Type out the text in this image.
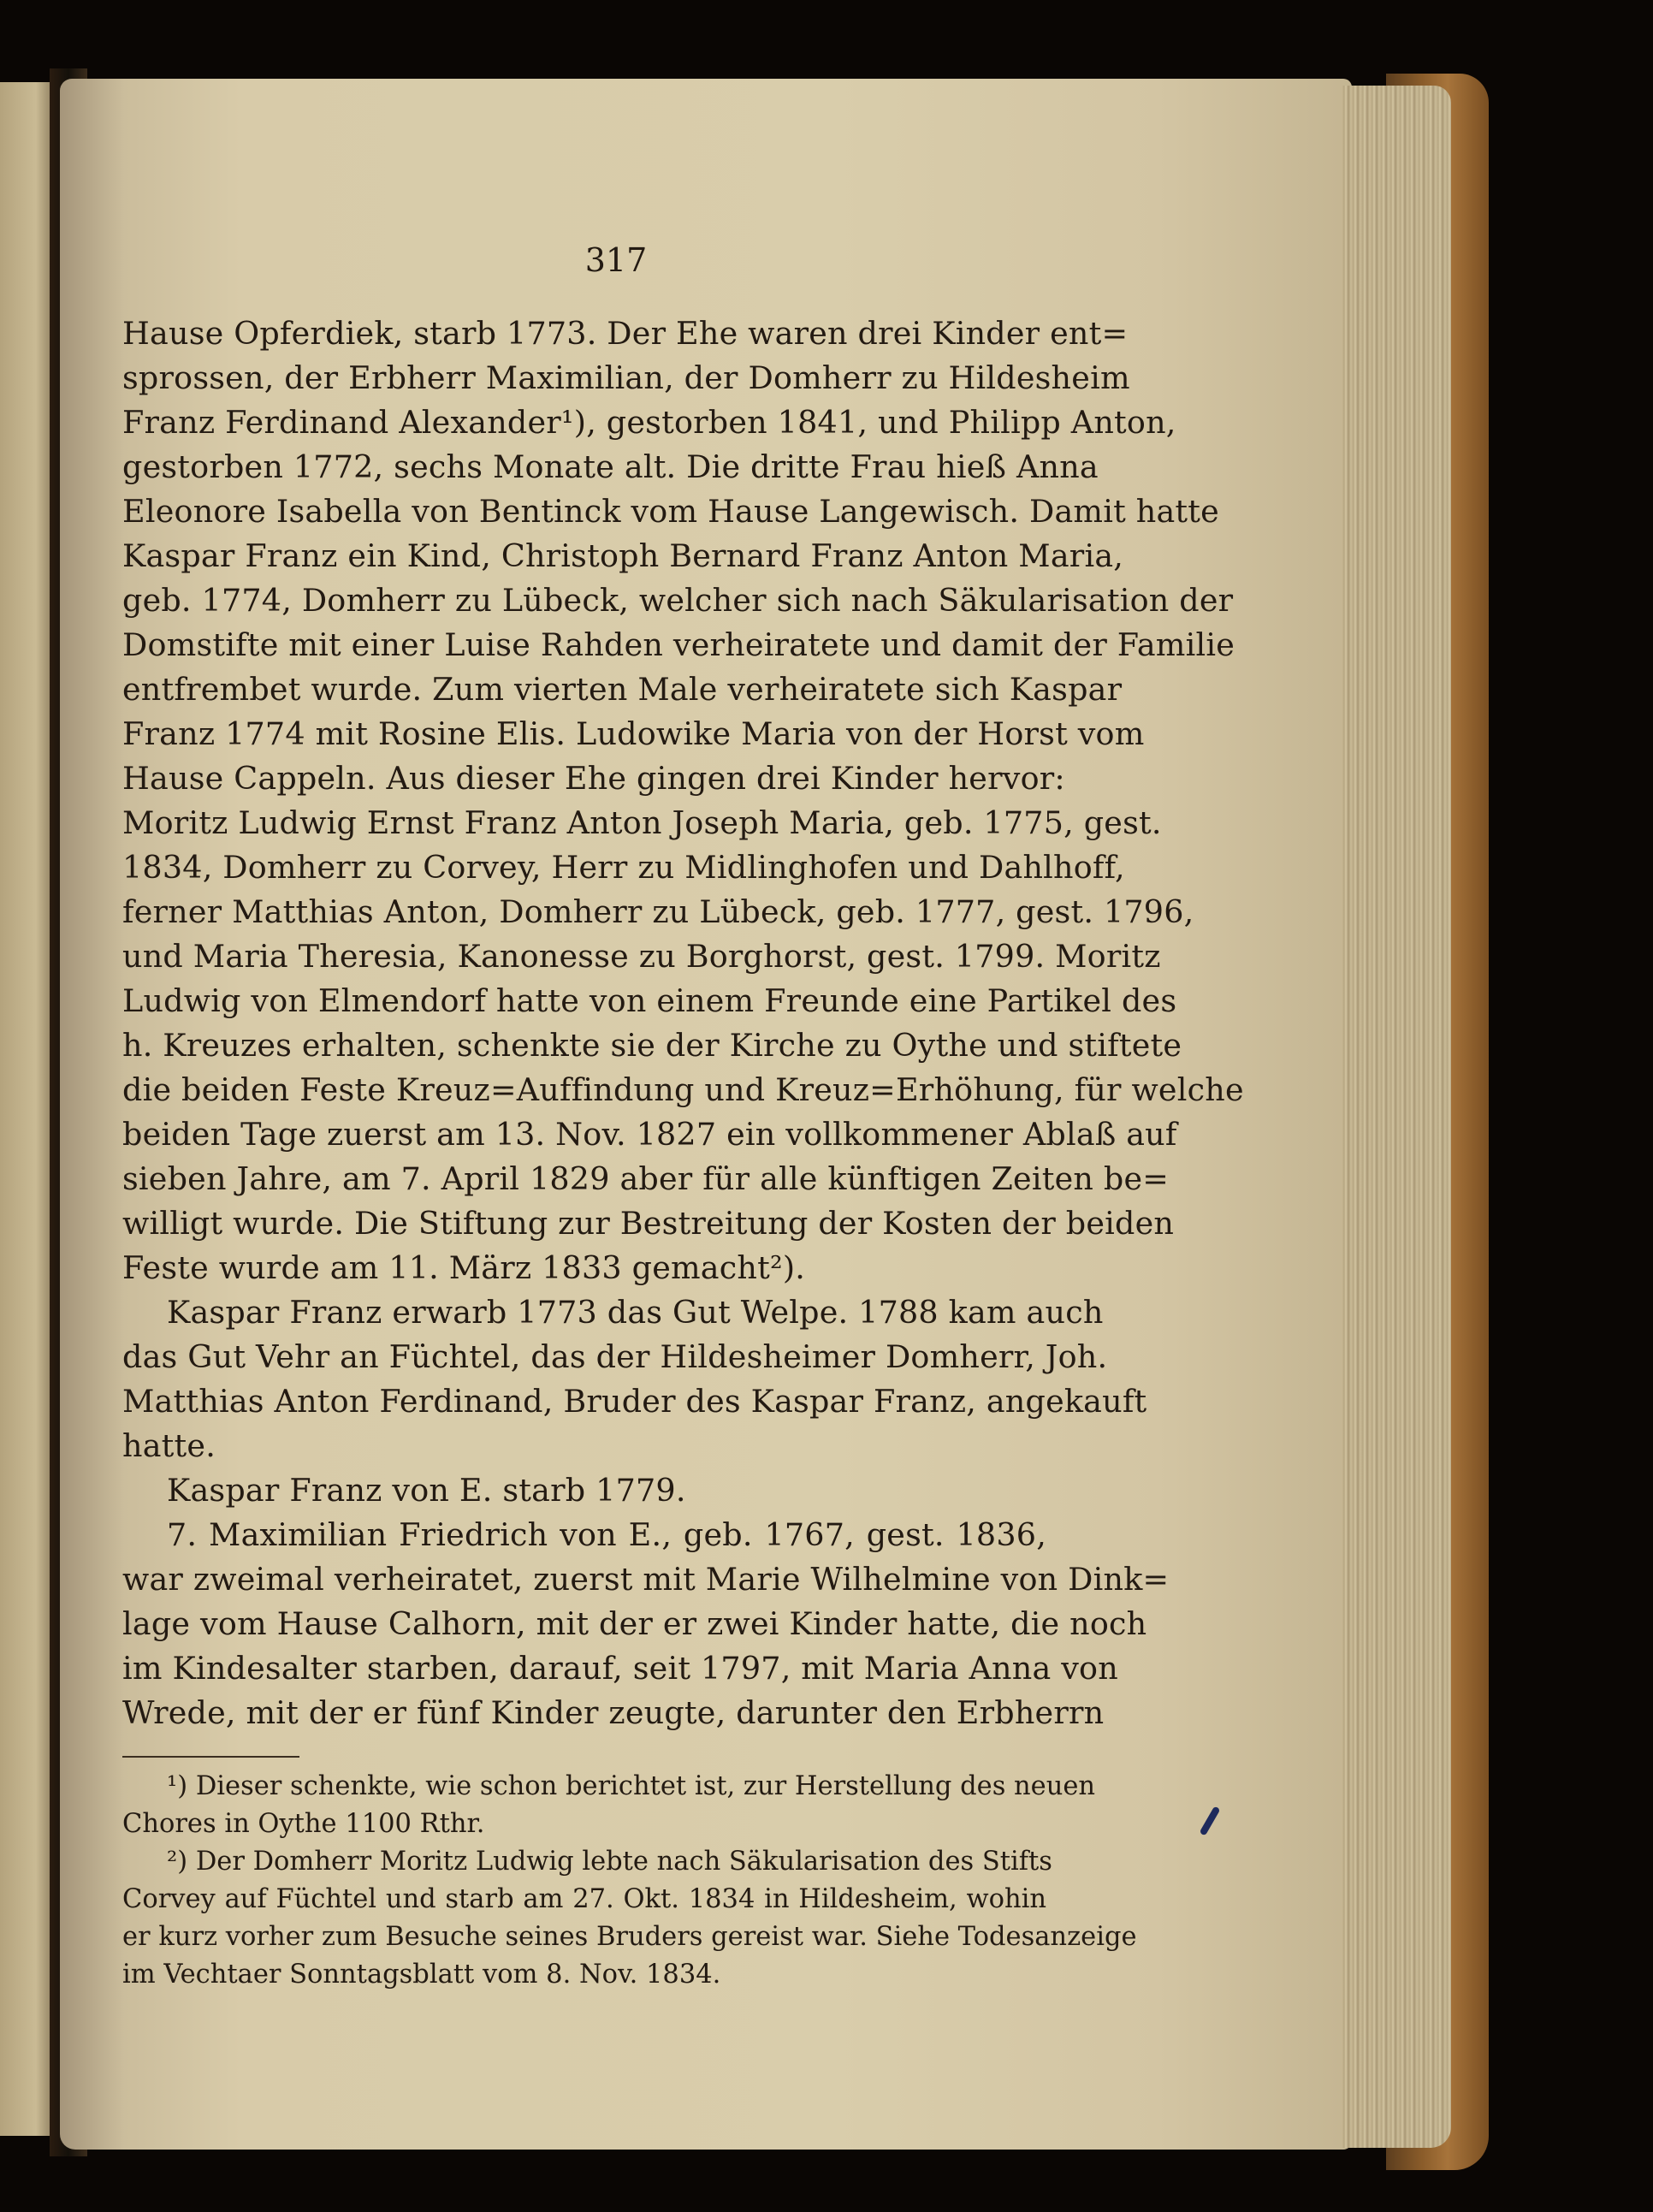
317
Hause Opferdiek, starb 1773. Der Ehe waren drei Kinder ent=
sprossen, der Erbherr Maximilian, der Domherr zu Hildesheim
Franz Ferdinand Alexander¹), gestorben 1841, und Philipp Anton,
gestorben 1772, sechs Monate alt. Die dritte Frau hieß Anna
Eleonore Isabella von Bentinck vom Hause Langewisch. Damit hatte
Kaspar Franz ein Kind, Christoph Bernard Franz Anton Maria,
geb. 1774, Domherr zu Lübeck, welcher sich nach Säkularisation der
Domstifte mit einer Luise Rahden verheiratete und damit der Familie
entfrembet wurde. Zum vierten Male verheiratete sich Kaspar
Franz 1774 mit Rosine Elis. Ludowike Maria von der Horst vom
Hause Cappeln. Aus dieser Ehe gingen drei Kinder hervor:
Moritz Ludwig Ernst Franz Anton Joseph Maria, geb. 1775, gest.
1834, Domherr zu Corvey, Herr zu Midlinghofen und Dahlhoff,
ferner Matthias Anton, Domherr zu Lübeck, geb. 1777, gest. 1796,
und Maria Theresia, Kanonesse zu Borghorst, gest. 1799. Moritz
Ludwig von Elmendorf hatte von einem Freunde eine Partikel des
h. Kreuzes erhalten, schenkte sie der Kirche zu Oythe und stiftete
die beiden Feste Kreuz=Auffindung und Kreuz=Erhöhung, für welche
beiden Tage zuerst am 13. Nov. 1827 ein vollkommener Ablaß auf
sieben Jahre, am 7. April 1829 aber für alle künftigen Zeiten be=
willigt wurde. Die Stiftung zur Bestreitung der Kosten der beiden
Feste wurde am 11. März 1833 gemacht²).
Kaspar Franz erwarb 1773 das Gut Welpe. 1788 kam auch
das Gut Vehr an Füchtel, das der Hildesheimer Domherr, Joh.
Matthias Anton Ferdinand, Bruder des Kaspar Franz, angekauft
hatte.
Kaspar Franz von E. starb 1779.
7. Maximilian Friedrich von E., geb. 1767, gest. 1836,
war zweimal verheiratet, zuerst mit Marie Wilhelmine von Dink=
lage vom Hause Calhorn, mit der er zwei Kinder hatte, die noch
im Kindesalter starben, darauf, seit 1797, mit Maria Anna von
Wrede, mit der er fünf Kinder zeugte, darunter den Erbherrn
¹) Dieser schenkte, wie schon berichtet ist, zur Herstellung des neuen
Chores in Oythe 1100 Rthr.
²) Der Domherr Moritz Ludwig lebte nach Säkularisation des Stifts
Corvey auf Füchtel und starb am 27. Okt. 1834 in Hildesheim, wohin
er kurz vorher zum Besuche seines Bruders gereist war. Siehe Todesanzeige
im Vechtaer Sonntagsblatt vom 8. Nov. 1834.
